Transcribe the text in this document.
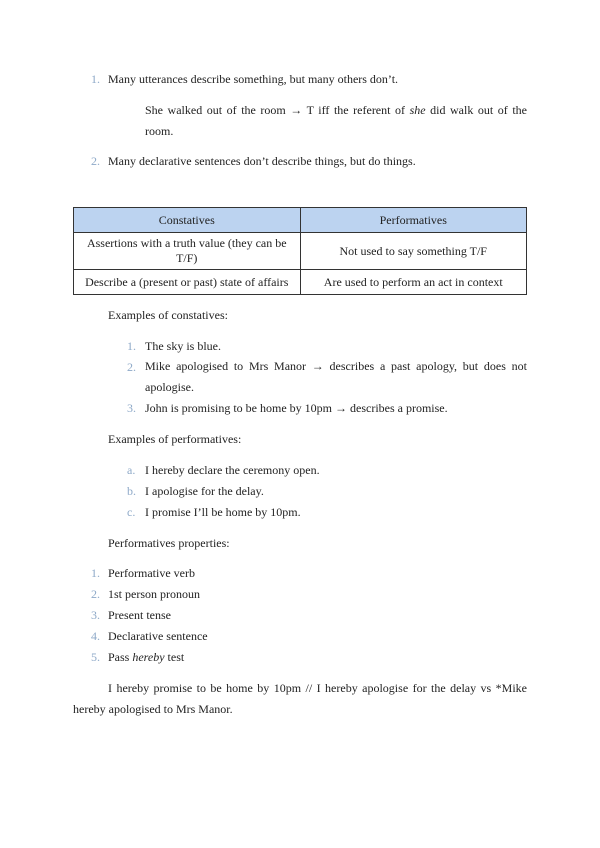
1. Many utterances describe something, but many others don’t.
She walked out of the room → T iff the referent of she did walk out of the room.
2. Many declarative sentences don’t describe things, but do things.
Constatives	Performatives
Assertions with a truth value (they can be T/F)	Not used to say something T/F
Describe a (present or past) state of affairs	Are used to perform an act in context
Examples of constatives:
1. The sky is blue.
2. Mike apologised to Mrs Manor → describes a past apology, but does not apologise.
3. John is promising to be home by 10pm → describes a promise.
Examples of performatives:
a. I hereby declare the ceremony open.
b. I apologise for the delay.
c. I promise I’ll be home by 10pm.
Performatives properties:
1. Performative verb
2. 1st person pronoun
3. Present tense
4. Declarative sentence
5. Pass hereby test
I hereby promise to be home by 10pm // I hereby apologise for the delay vs *Mike hereby apologised to Mrs Manor.
